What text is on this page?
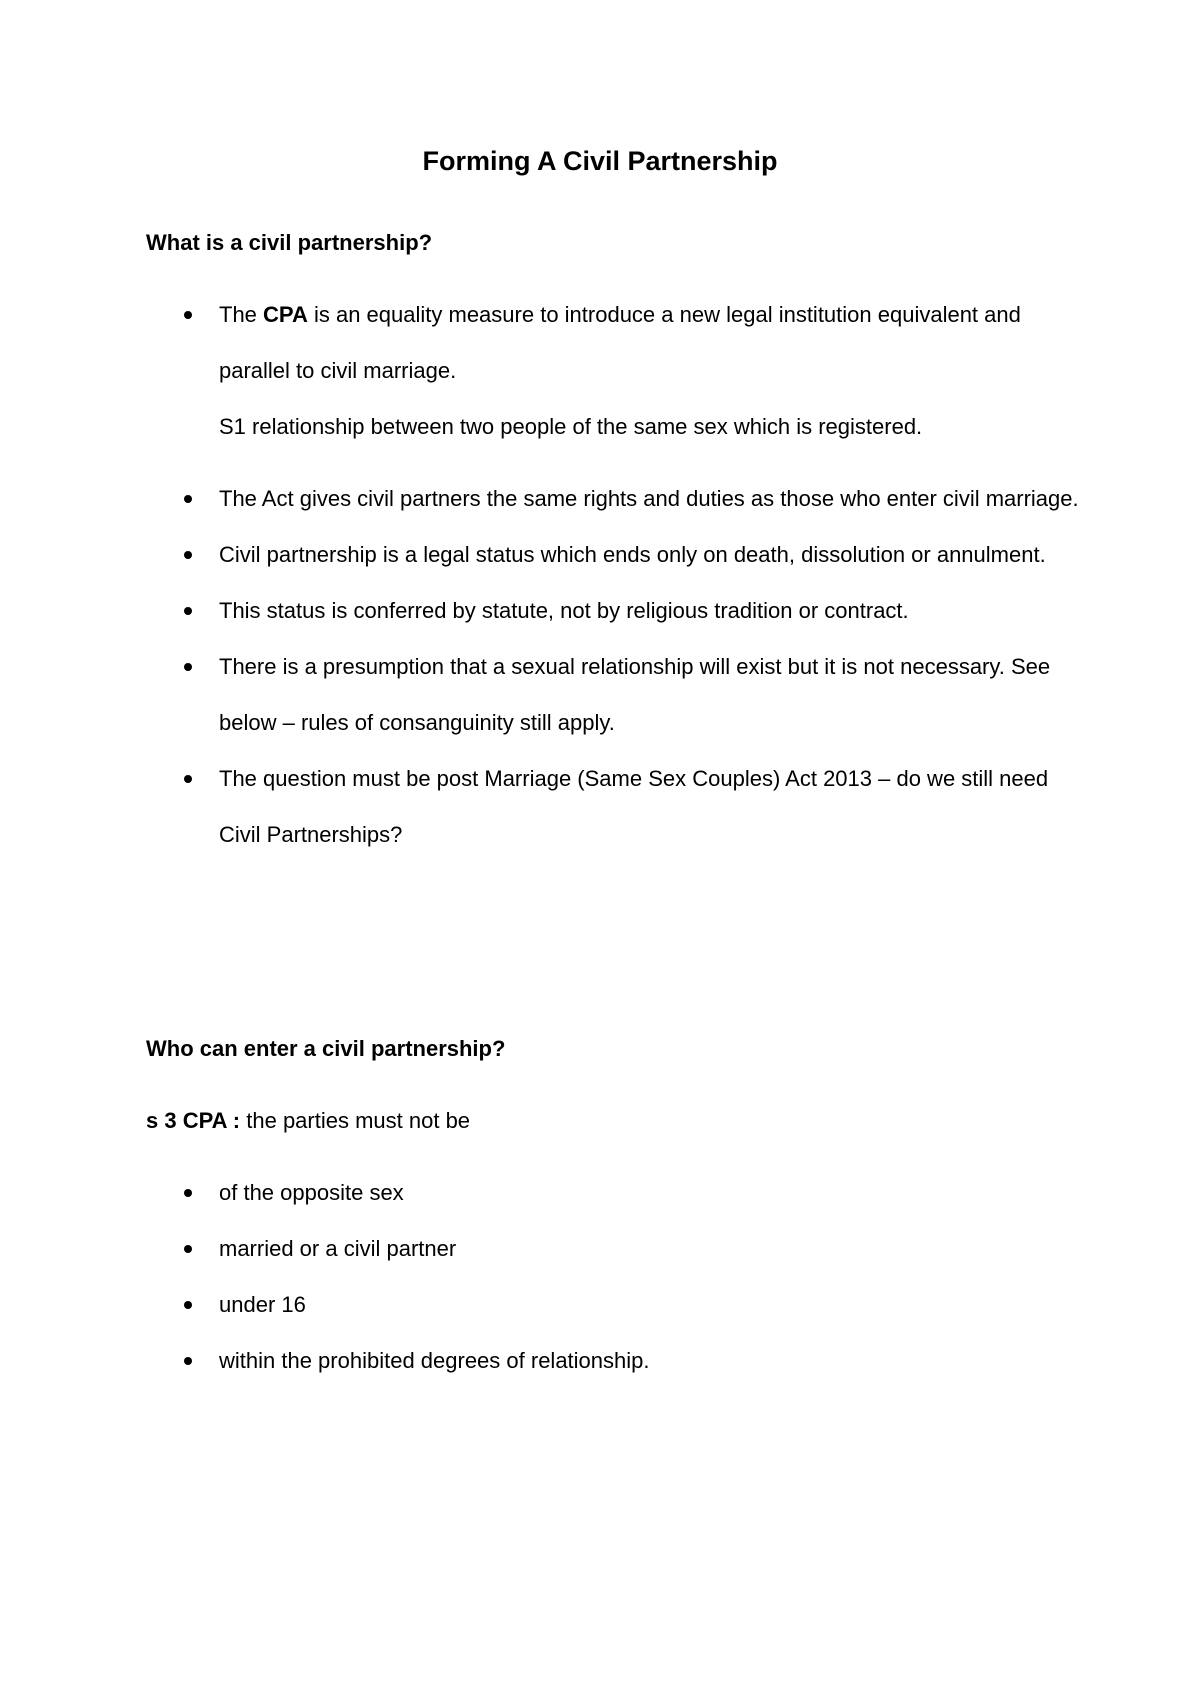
Forming A Civil Partnership
What is a civil partnership?
The CPA is an equality measure to introduce a new legal institution equivalent and parallel to civil marriage.
S1 relationship between two people of the same sex which is registered.
The Act gives civil partners the same rights and duties as those who enter civil marriage.
Civil partnership is a legal status which ends only on death, dissolution or annulment.
This status is conferred by statute, not by religious tradition or contract.
There is a presumption that a sexual relationship will exist but it is not necessary. See below – rules of consanguinity still apply.
The question must be post Marriage (Same Sex Couples) Act 2013 – do we still need Civil Partnerships?
Who can enter a civil partnership?

s 3 CPA : the parties must not be

of the opposite sex
married or a civil partner
under 16
within the prohibited degrees of relationship.
